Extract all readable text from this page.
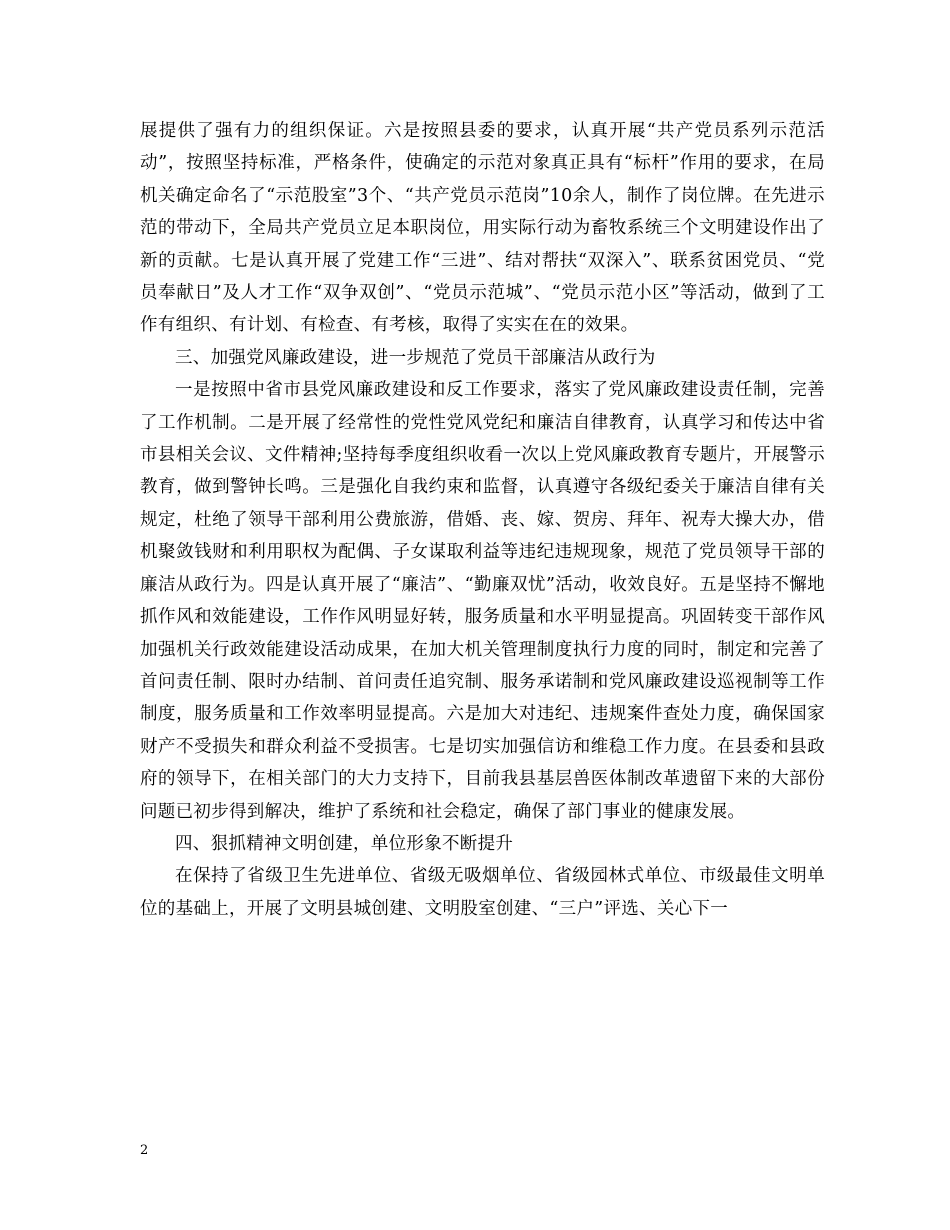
展提供了强有力的组织保证。六是按照县委的要求，认真开展“共产党员系列示范活动”，按照坚持标准，严格条件，使确定的示范对象真正具有“标杆”作用的要求，在局机关确定命名了“示范股室”3个、“共产党员示范岗”10余人，制作了岗位牌。在先进示范的带动下，全局共产党员立足本职岗位，用实际行动为畜牧系统三个文明建设作出了新的贡献。七是认真开展了党建工作“三进”、结对帮扶“双深入”、联系贫困党员、“党员奉献日”及人才工作“双争双创”、“党员示范城”、“党员示范小区”等活动，做到了工作有组织、有计划、有检查、有考核，取得了实实在在的效果。

三、加强党风廉政建设，进一步规范了党员干部廉洁从政行为

一是按照中省市县党风廉政建设和反工作要求，落实了党风廉政建设责任制，完善了工作机制。二是开展了经常性的党性党风党纪和廉洁自律教育，认真学习和传达中省市县相关会议、文件精神;坚持每季度组织收看一次以上党风廉政教育专题片，开展警示教育，做到警钟长鸣。三是强化自我约束和监督，认真遵守各级纪委关于廉洁自律有关规定，杜绝了领导干部利用公费旅游，借婚、丧、嫁、贺房、拜年、祝寿大操大办，借机聚敛钱财和利用职权为配偶、子女谋取利益等违纪违规现象，规范了党员领导干部的廉洁从政行为。四是认真开展了“廉洁”、“勤廉双忧”活动，收效良好。五是坚持不懈地抓作风和效能建设，工作作风明显好转，服务质量和水平明显提高。巩固转变干部作风加强机关行政效能建设活动成果，在加大机关管理制度执行力度的同时，制定和完善了首问责任制、限时办结制、首问责任追究制、服务承诺制和党风廉政建设巡视制等工作制度，服务质量和工作效率明显提高。六是加大对违纪、违规案件查处力度，确保国家财产不受损失和群众利益不受损害。七是切实加强信访和维稳工作力度。在县委和县政府的领导下，在相关部门的大力支持下，目前我县基层兽医体制改革遗留下来的大部份问题已初步得到解决，维护了系统和社会稳定，确保了部门事业的健康发展。

四、狠抓精神文明创建，单位形象不断提升

在保持了省级卫生先进单位、省级无吸烟单位、省级园林式单位、市级最佳文明单位的基础上，开展了文明县城创建、文明股室创建、“三户”评选、关心下一

2
